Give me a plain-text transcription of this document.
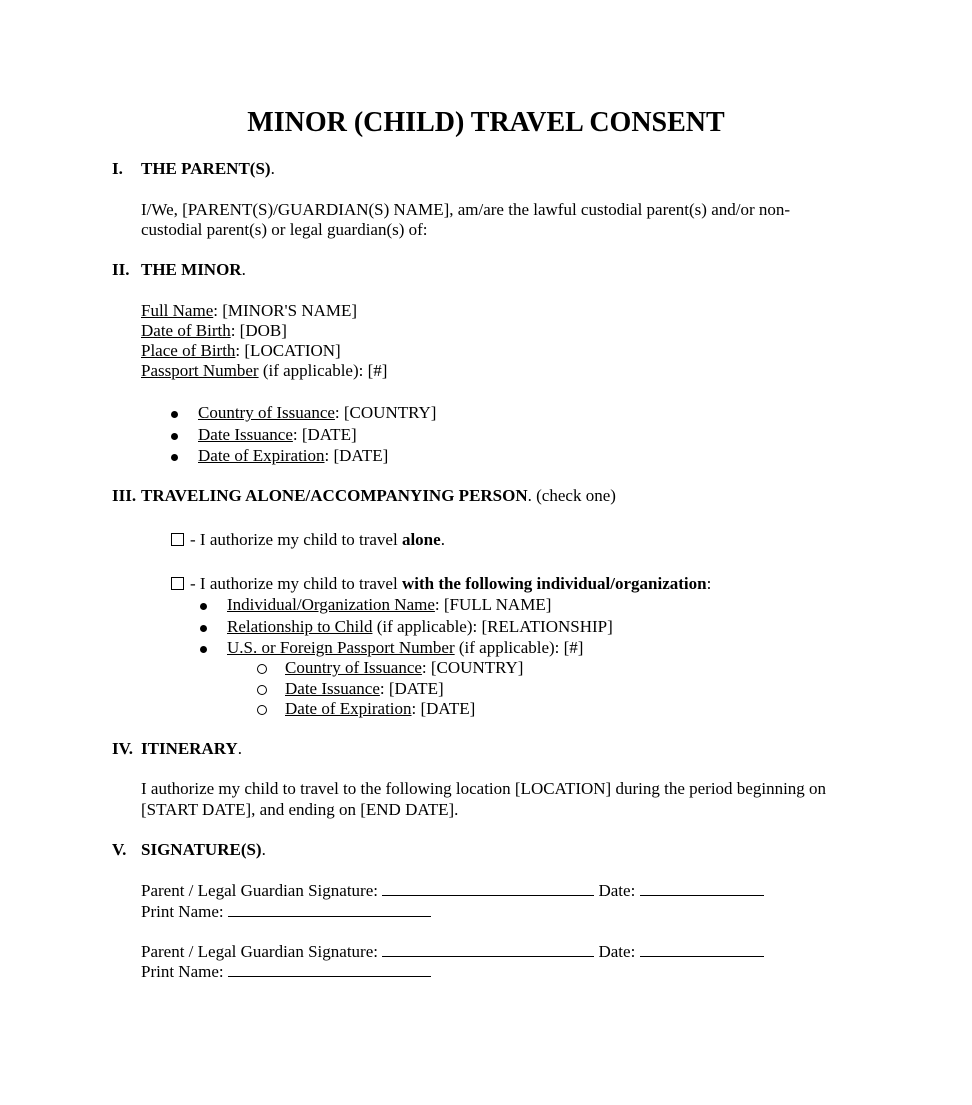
MINOR (CHILD) TRAVEL CONSENT
I. THE PARENT(S).
I/We, [PARENT(S)/GUARDIAN(S) NAME], am/are the lawful custodial parent(s) and/or non-
custodial parent(s) or legal guardian(s) of:
II. THE MINOR.
Full Name: [MINOR'S NAME]
Date of Birth: [DOB]
Place of Birth: [LOCATION]
Passport Number (if applicable): [#]
Country of Issuance: [COUNTRY]
Date Issuance: [DATE]
Date of Expiration: [DATE]
III. TRAVELING ALONE/ACCOMPANYING PERSON. (check one)
- I authorize my child to travel alone.
- I authorize my child to travel with the following individual/organization:
Individual/Organization Name: [FULL NAME]
Relationship to Child (if applicable): [RELATIONSHIP]
U.S. or Foreign Passport Number (if applicable): [#]
Country of Issuance: [COUNTRY]
Date Issuance: [DATE]
Date of Expiration: [DATE]
IV. ITINERARY.
I authorize my child to travel to the following location [LOCATION] during the period beginning on
[START DATE], and ending on [END DATE].
V. SIGNATURE(S).
Parent / Legal Guardian Signature:	Date:
Print Name:
Parent / Legal Guardian Signature:	Date:
Print Name:
